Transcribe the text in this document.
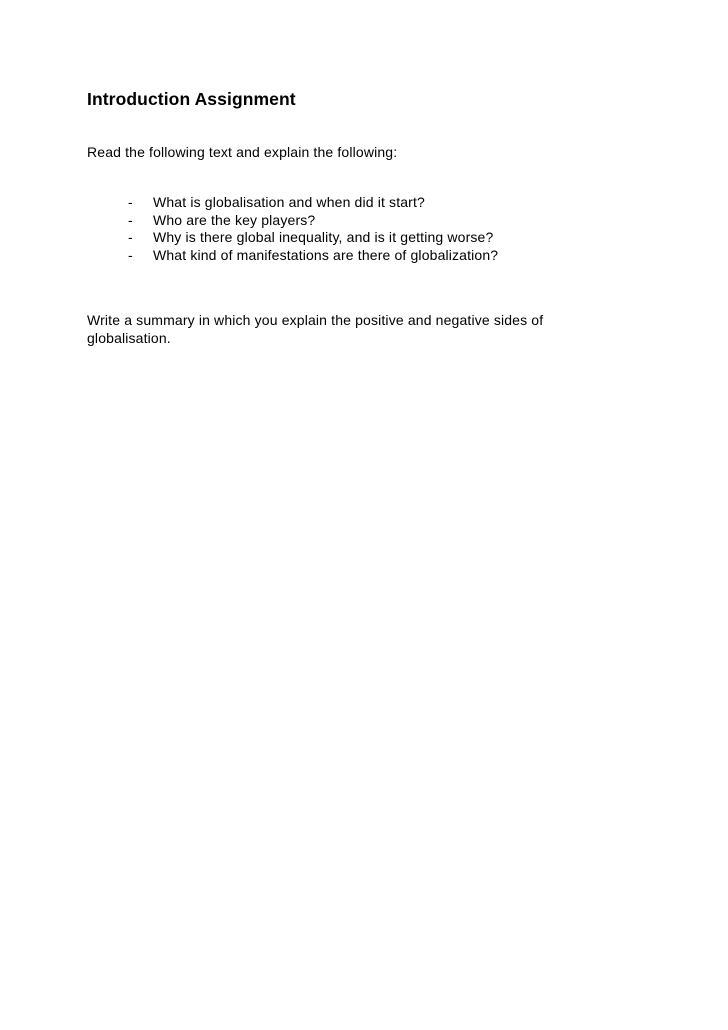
Introduction Assignment

Read the following text and explain the following:

- What is globalisation and when did it start?
- Who are the key players?
- Why is there global inequality, and is it getting worse?
- What kind of manifestations are there of globalization?

Write a summary in which you explain the positive and negative sides of
globalisation.
